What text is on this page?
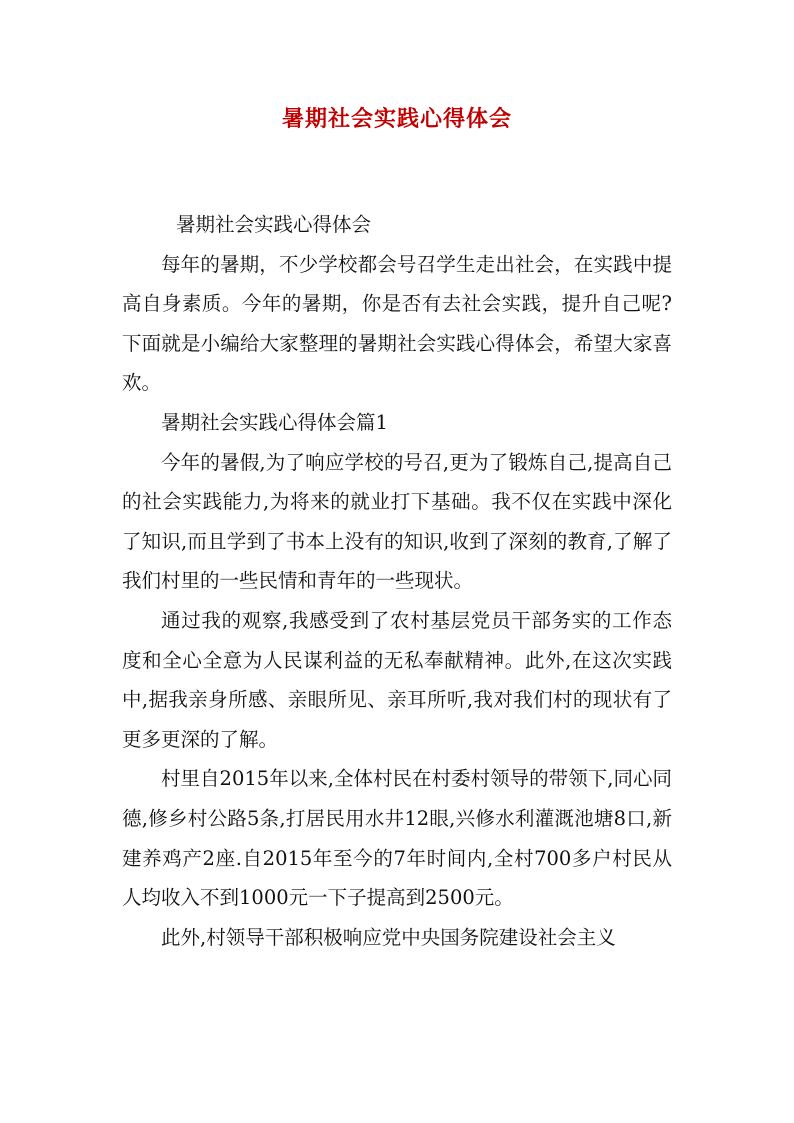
暑期社会实践心得体会

暑期社会实践心得体会

每年的暑期，不少学校都会号召学生走出社会，在实践中提高自身素质。今年的暑期，你是否有去社会实践，提升自己呢?下面就是小编给大家整理的暑期社会实践心得体会，希望大家喜欢。

暑期社会实践心得体会篇1

今年的暑假,为了响应学校的号召,更为了锻炼自己,提高自己的社会实践能力,为将来的就业打下基础。我不仅在实践中深化了知识,而且学到了书本上没有的知识,收到了深刻的教育,了解了我们村里的一些民情和青年的一些现状。

通过我的观察,我感受到了农村基层党员干部务实的工作态度和全心全意为人民谋利益的无私奉献精神。此外,在这次实践中,据我亲身所感、亲眼所见、亲耳所听,我对我们村的现状有了更多更深的了解。

村里自2015年以来,全体村民在村委村领导的带领下,同心同德,修乡村公路5条,打居民用水井12眼,兴修水利灌溉池塘8口,新建养鸡产2座.自2015年至今的7年时间内,全村700多户村民从人均收入不到1000元一下子提高到2500元。

此外,村领导干部积极响应党中央国务院建设社会主义
